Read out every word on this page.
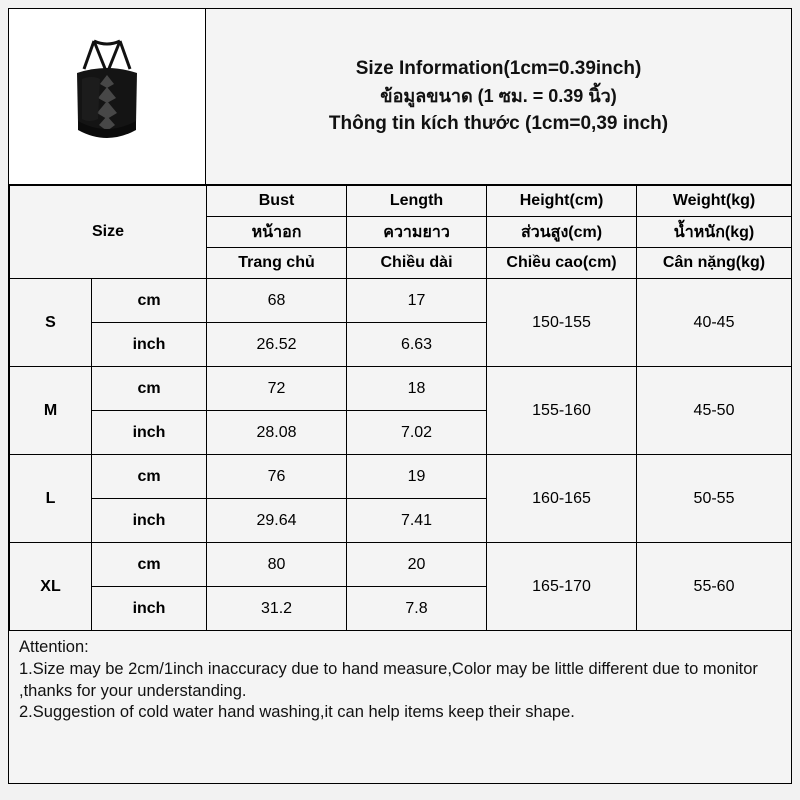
Size Information(1cm=0.39inch)
ข้อมูลขนาด (1 ซม. = 0.39 นิ้ว)
Thông tin kích thước (1cm=0,39 inch)
Size		Bust	Length	Height(cm)	Weight(kg)
		หน้าอก	ความยาว	ส่วนสูง(cm)	น้ำหนัก(kg)
		Trang chủ	Chiều dài	Chiều cao(cm)	Cân nặng(kg)
S	cm	68	17	150-155	40-45
	inch	26.52	6.63		
M	cm	72	18	155-160	45-50
	inch	28.08	7.02		
L	cm	76	19	160-165	50-55
	inch	29.64	7.41		
XL	cm	80	20	165-170	55-60
	inch	31.2	7.8		

Attention:

1.Size may be 2cm/1inch inaccuracy due to hand measure,Color may be little different due to monitor ,thanks for your understanding.

2.Suggestion of cold water hand washing,it can help items keep their shape.
